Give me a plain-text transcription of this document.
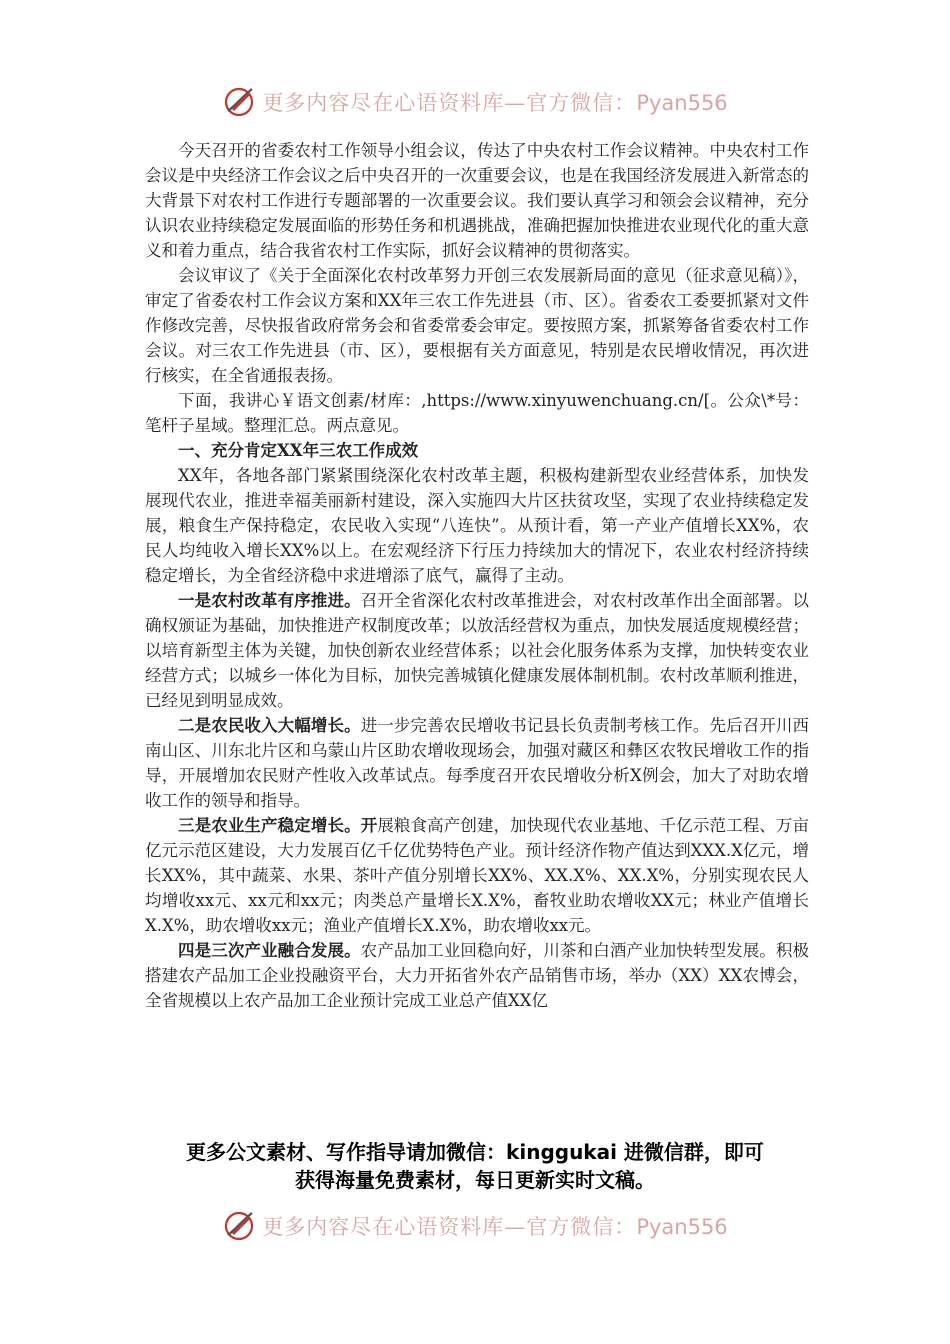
更多内容尽在心语资料库—官方微信：Pyan556

今天召开的省委农村工作领导小组会议，传达了中央农村工作会议精神。中央农村工作会议是中央经济工作会议之后中央召开的一次重要会议，也是在我国经济发展进入新常态的大背景下对农村工作进行专题部署的一次重要会议。我们要认真学习和领会会议精神，充分认识农业持续稳定发展面临的形势任务和机遇挑战，准确把握加快推进农业现代化的重大意义和着力重点，结合我省农村工作实际，抓好会议精神的贯彻落实。

会议审议了《关于全面深化农村改革努力开创三农发展新局面的意见（征求意见稿）》，审定了省委农村工作会议方案和XX年三农工作先进县（市、区）。省委农工委要抓紧对文件作修改完善，尽快报省政府常务会和省委常委会审定。要按照方案，抓紧筹备省委农村工作会议。对三农工作先进县（市、区），要根据有关方面意见，特别是农民增收情况，再次进行核实，在全省通报表扬。

下面，我讲心￥语文创素/材库：,https://www.xinyuwenchuang.cn/[。公众\*号：笔杆子星域。整理汇总。两点意见。

一、充分肯定XX年三农工作成效

XX年，各地各部门紧紧围绕深化农村改革主题，积极构建新型农业经营体系，加快发展现代农业，推进幸福美丽新村建设，深入实施四大片区扶贫攻坚，实现了农业持续稳定发展，粮食生产保持稳定，农民收入实现“八连快”。从预计看，第一产业产值增长XX%，农民人均纯收入增长XX%以上。在宏观经济下行压力持续加大的情况下，农业农村经济持续稳定增长，为全省经济稳中求进增添了底气，赢得了主动。

一是农村改革有序推进。召开全省深化农村改革推进会，对农村改革作出全面部署。以确权颁证为基础，加快推进产权制度改革；以放活经营权为重点，加快发展适度规模经营；以培育新型主体为关键，加快创新农业经营体系；以社会化服务体系为支撑，加快转变农业经营方式；以城乡一体化为目标，加快完善城镇化健康发展体制机制。农村改革顺利推进，已经见到明显成效。

二是农民收入大幅增长。进一步完善农民增收书记县长负责制考核工作。先后召开川西南山区、川东北片区和乌蒙山片区助农增收现场会，加强对藏区和彝区农牧民增收工作的指导，开展增加农民财产性收入改革试点。每季度召开农民增收分析X例会，加大了对助农增收工作的领导和指导。

三是农业生产稳定增长。开展粮食高产创建，加快现代农业基地、千亿示范工程、万亩亿元示范区建设，大力发展百亿千亿优势特色产业。预计经济作物产值达到XXX.X亿元，增长XX%，其中蔬菜、水果、茶叶产值分别增长XX%、XX.X%、XX.X%，分别实现农民人均增收xx元、xx元和xx元；肉类总产量增长X.X%，畜牧业助农增收XX元；林业产值增长X.X%，助农增收xx元；渔业产值增长X.X%，助农增收xx元。

四是三次产业融合发展。农产品加工业回稳向好，川茶和白酒产业加快转型发展。积极搭建农产品加工企业投融资平台，大力开拓省外农产品销售市场，举办（XX）XX农博会，全省规模以上农产品加工企业预计完成工业总产值XX亿

更多公文素材、写作指导请加微信：kinggukai 进微信群，即可
获得海量免费素材，每日更新实时文稿。
更多内容尽在心语资料库—官方微信：Pyan556
